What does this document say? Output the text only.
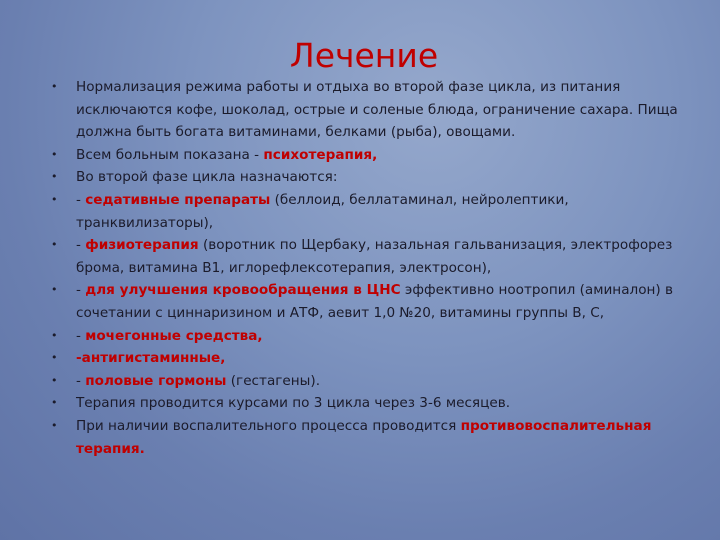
Лечение
• Нормализация режима работы и отдыха во второй фазе цикла, из питания исключаются кофе, шоколад, острые и соленые блюда, ограничение сахара. Пища должна быть богата витаминами, белками (рыба), овощами.
• Всем больным показана - психотерапия,
• Во второй фазе цикла назначаются:
• - седативные препараты (беллоид, беллатаминал, нейролептики, транквилизаторы),
• - физиотерапия (воротник по Щербаку, назальная гальванизация, электрофорез брома, витамина В1, иглорефлексотерапия, электросон),
• - для улучшения кровообращения в ЦНС эффективно ноотропил (аминалон) в сочетании с циннаризином и АТФ, аевит 1,0 №20, витамины группы В, С,
• - мочегонные средства,
• -антигистаминные,
• - половые гормоны (гестагены).
• Терапия проводится курсами по 3 цикла через 3-6 месяцев.
• При наличии воспалительного процесса проводится противовоспалительная терапия.
